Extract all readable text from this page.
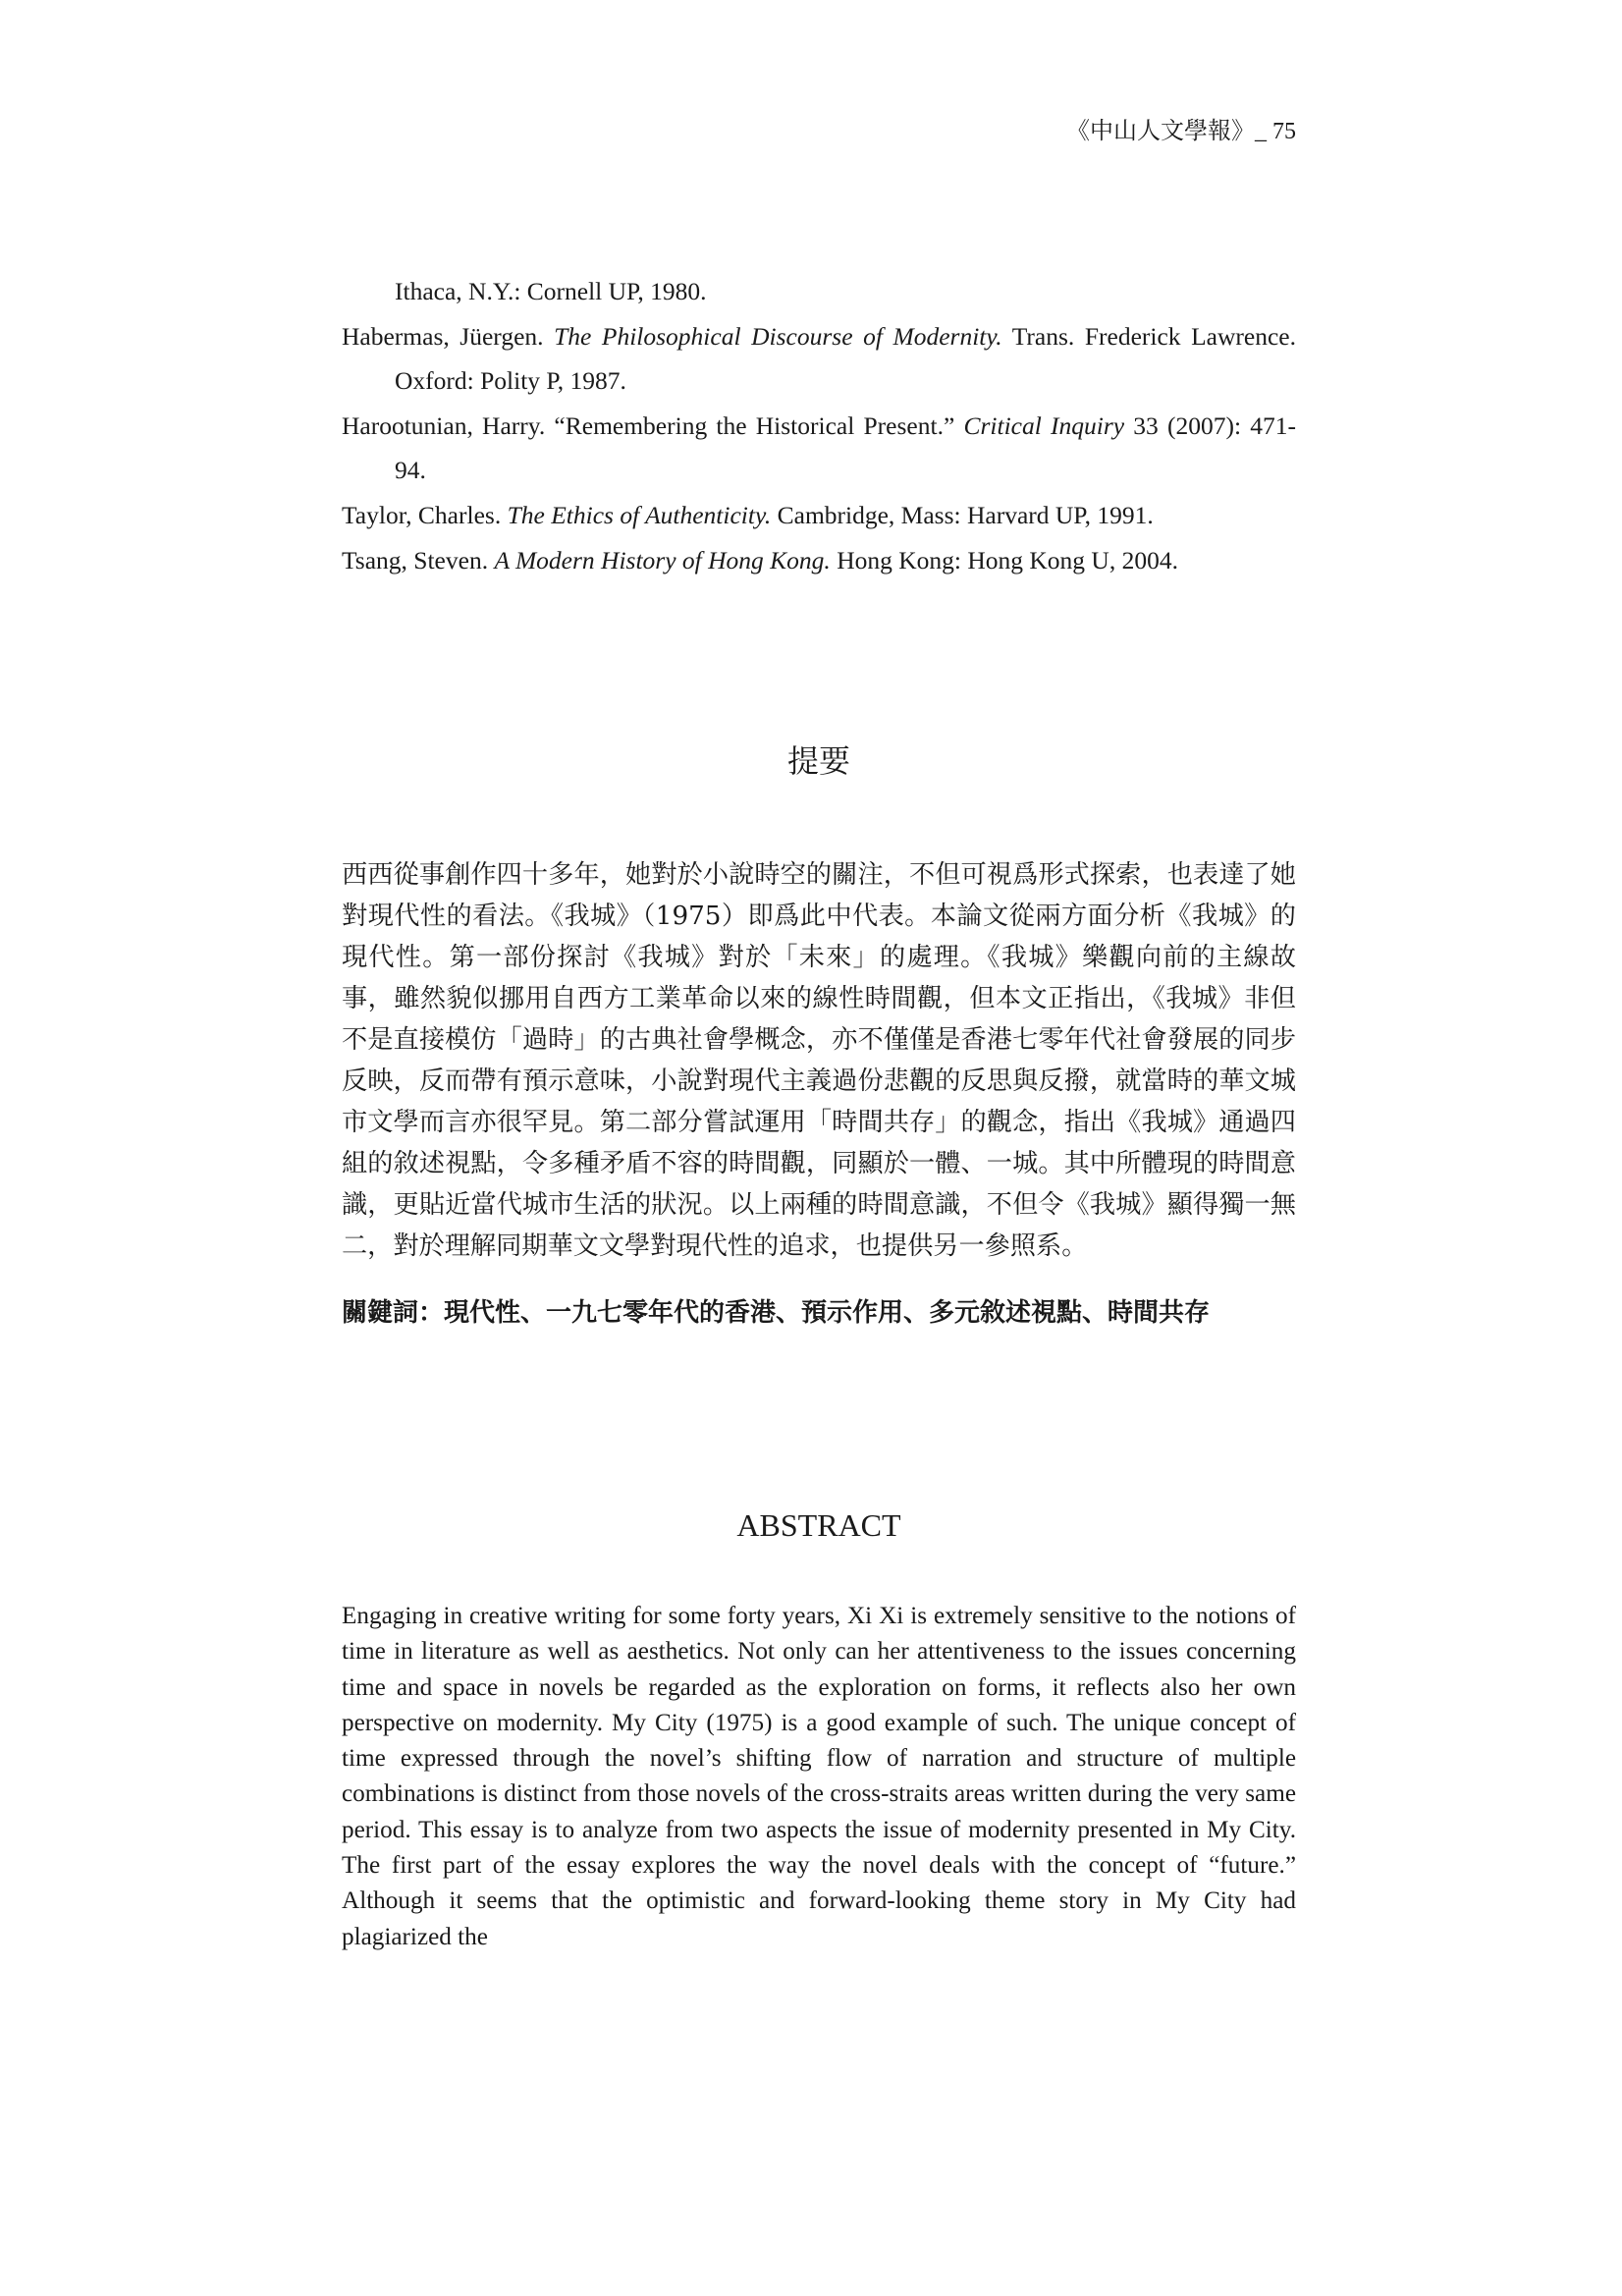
《中山人文學報》_ 75

Ithaca, N.Y.: Cornell UP, 1980.

Habermas, Jüergen. The Philosophical Discourse of Modernity. Trans. Frederick Lawrence. Oxford: Polity P, 1987.

Harootunian, Harry. “Remembering the Historical Present.” Critical Inquiry 33 (2007): 471-94.

Taylor, Charles. The Ethics of Authenticity. Cambridge, Mass: Harvard UP, 1991.

Tsang, Steven. A Modern History of Hong Kong. Hong Kong: Hong Kong U, 2004.

提要

西西從事創作四十多年，她對於小說時空的關注，不但可視爲形式探索，也表達了她對現代性的看法。《我城》（1975）即爲此中代表。本論文從兩方面分析《我城》的現代性。第一部份探討《我城》對於「未來」的處理。《我城》樂觀向前的主線故事，雖然貌似挪用自西方工業革命以來的線性時間觀，但本文正指出，《我城》非但不是直接模仿「過時」的古典社會學概念，亦不僅僅是香港七零年代社會發展的同步反映，反而帶有預示意味，小說對現代主義過份悲觀的反思與反撥，就當時的華文城市文學而言亦很罕見。第二部分嘗試運用「時間共存」的觀念，指出《我城》通過四組的敘述視點，令多種矛盾不容的時間觀，同顯於一體、一城。其中所體現的時間意識，更貼近當代城市生活的狀況。以上兩種的時間意識，不但令《我城》顯得獨一無二，對於理解同期華文文學對現代性的追求，也提供另一參照系。

關鍵詞：現代性、一九七零年代的香港、預示作用、多元敘述視點、時間共存

ABSTRACT

Engaging in creative writing for some forty years, Xi Xi is extremely sensitive to the notions of time in literature as well as aesthetics. Not only can her attentiveness to the issues concerning time and space in novels be regarded as the exploration on forms, it reflects also her own perspective on modernity. My City (1975) is a good example of such. The unique concept of time expressed through the novel’s shifting flow of narration and structure of multiple combinations is distinct from those novels of the cross-straits areas written during the very same period. This essay is to analyze from two aspects the issue of modernity presented in My City. The first part of the essay explores the way the novel deals with the concept of “future.” Although it seems that the optimistic and forward-looking theme story in My City had plagiarized the
